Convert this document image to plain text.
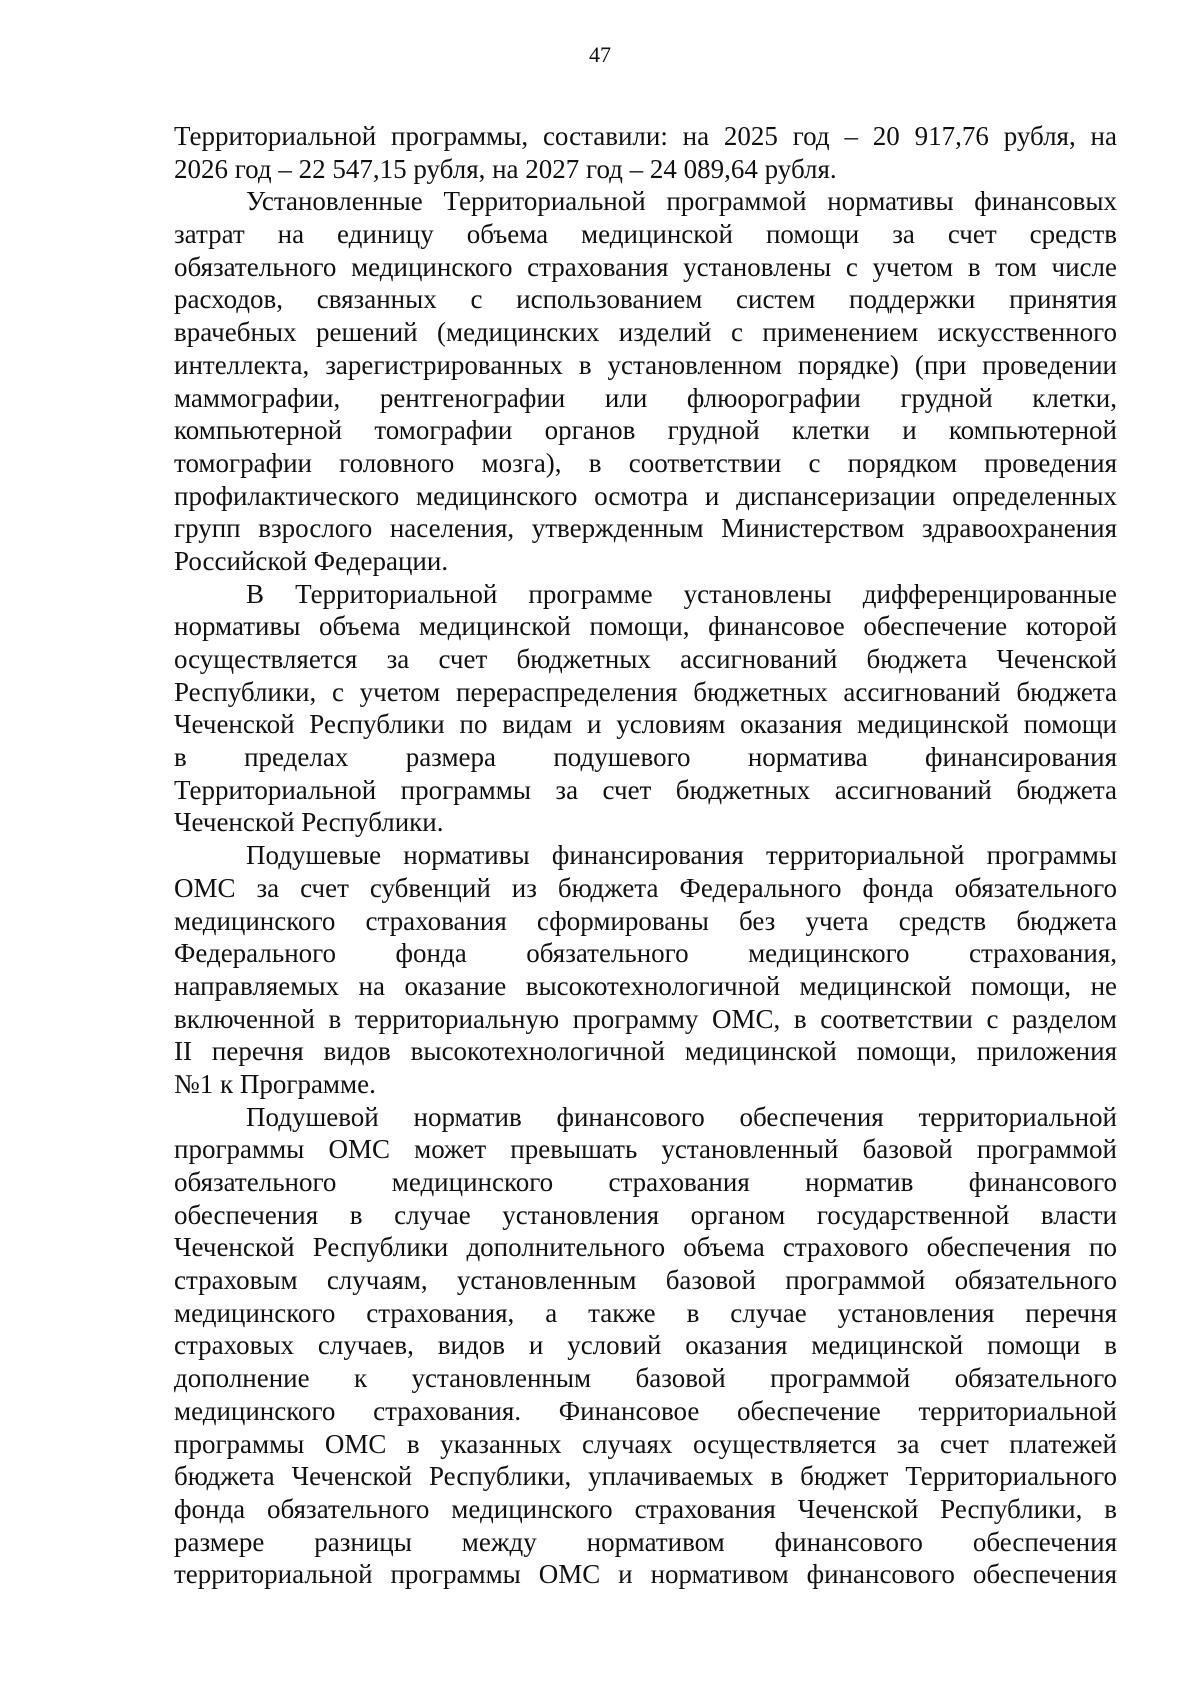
47
Территориальной программы, составили: на 2025 год – 20 917,76 рубля, на
2026 год – 22 547,15 рубля, на 2027 год – 24 089,64 рубля.
Установленные Территориальной программой нормативы финансовых
затрат на единицу объема медицинской помощи за счет средств
обязательного медицинского страхования установлены с учетом в том числе
расходов, связанных с использованием систем поддержки принятия
врачебных решений (медицинских изделий с применением искусственного
интеллекта, зарегистрированных в установленном порядке) (при проведении
маммографии, рентгенографии или флюорографии грудной клетки,
компьютерной томографии органов грудной клетки и компьютерной
томографии головного мозга), в соответствии с порядком проведения
профилактического медицинского осмотра и диспансеризации определенных
групп взрослого населения, утвержденным Министерством здравоохранения
Российской Федерации.
В Территориальной программе установлены дифференцированные
нормативы объема медицинской помощи, финансовое обеспечение которой
осуществляется за счет бюджетных ассигнований бюджета Чеченской
Республики, с учетом перераспределения бюджетных ассигнований бюджета
Чеченской Республики по видам и условиям оказания медицинской помощи
в пределах размера подушевого норматива финансирования
Территориальной программы за счет бюджетных ассигнований бюджета
Чеченской Республики.
Подушевые нормативы финансирования территориальной программы
ОМС за счет субвенций из бюджета Федерального фонда обязательного
медицинского страхования сформированы без учета средств бюджета
Федерального фонда обязательного медицинского страхования,
направляемых на оказание высокотехнологичной медицинской помощи, не
включенной в территориальную программу ОМС, в соответствии с разделом
II перечня видов высокотехнологичной медицинской помощи, приложения
№1 к Программе.
Подушевой норматив финансового обеспечения территориальной
программы ОМС может превышать установленный базовой программой
обязательного медицинского страхования норматив финансового
обеспечения в случае установления органом государственной власти
Чеченской Республики дополнительного объема страхового обеспечения по
страховым случаям, установленным базовой программой обязательного
медицинского страхования, а также в случае установления перечня
страховых случаев, видов и условий оказания медицинской помощи в
дополнение к установленным базовой программой обязательного
медицинского страхования. Финансовое обеспечение территориальной
программы ОМС в указанных случаях осуществляется за счет платежей
бюджета Чеченской Республики, уплачиваемых в бюджет Территориального
фонда обязательного медицинского страхования Чеченской Республики, в
размере разницы между нормативом финансового обеспечения
территориальной программы ОМС и нормативом финансового обеспечения
